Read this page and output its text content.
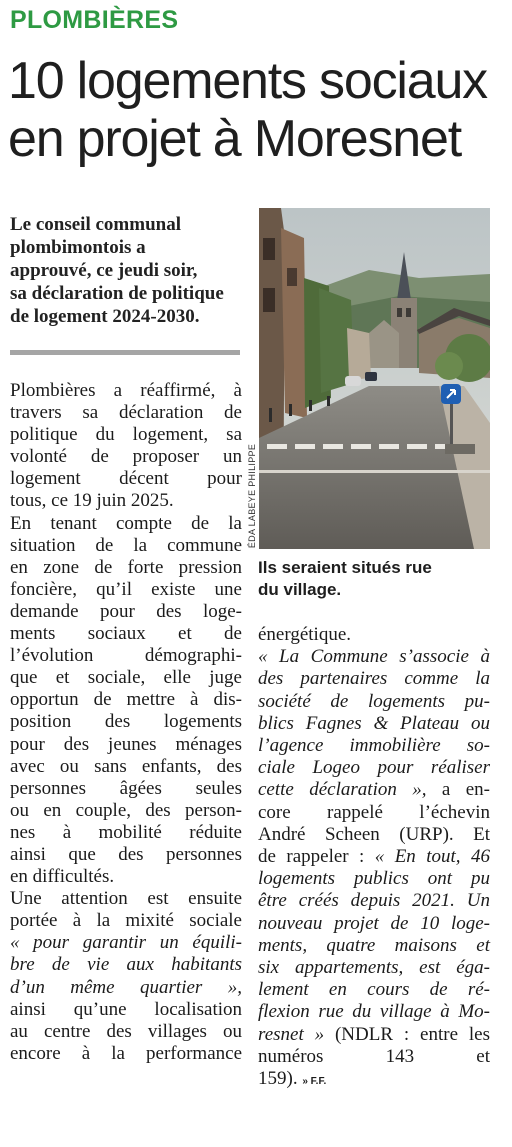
PLOMBIÈRES
10 logements sociaux
en projet à Moresnet

Le conseil communal
plombimontois a
approuvé, ce jeudi soir,
sa déclaration de politique
de logement 2024-2030.

Plombières a réaffirmé, à
travers sa déclaration de
politique du logement, sa
volonté de proposer un
logement décent pour
tous, ce 19 juin 2025.

En tenant compte de la
situation de la commune
en zone de forte pression
foncière, qu’il existe une
demande pour des loge-
ments sociaux et de
l’évolution démographi-
que et sociale, elle juge
opportun de mettre à dis-
position des logements
pour des jeunes ménages
avec ou sans enfants, des
personnes âgées seules
ou en couple, des person-
nes à mobilité réduite
ainsi que des personnes
en difficultés.

Une attention est ensuite
portée à la mixité sociale
« pour garantir un équili-
bre de vie aux habitants
d’un même quartier »,
ainsi qu’une localisation
au centre des villages ou
encore à la performance

ÉDA LABEYE PHILIPPE

Ils seraient situés rue
du village.

énergétique.
« La Commune s’associe à
des partenaires comme la
société de logements pu-
blics Fagnes & Plateau ou
l’agence immobilière so-
ciale Logeo pour réaliser
cette déclaration », a en-
core rappelé l’échevin
André Scheen (URP). Et
de rappeler : « En tout, 46
logements publics ont pu
être créés depuis 2021. Un
nouveau projet de 10 loge-
ments, quatre maisons et
six appartements, est éga-
lement en cours de ré-
flexion rue du village à Mo-
resnet » (NDLR : entre les
numéros 143 et
159). » F.F.
